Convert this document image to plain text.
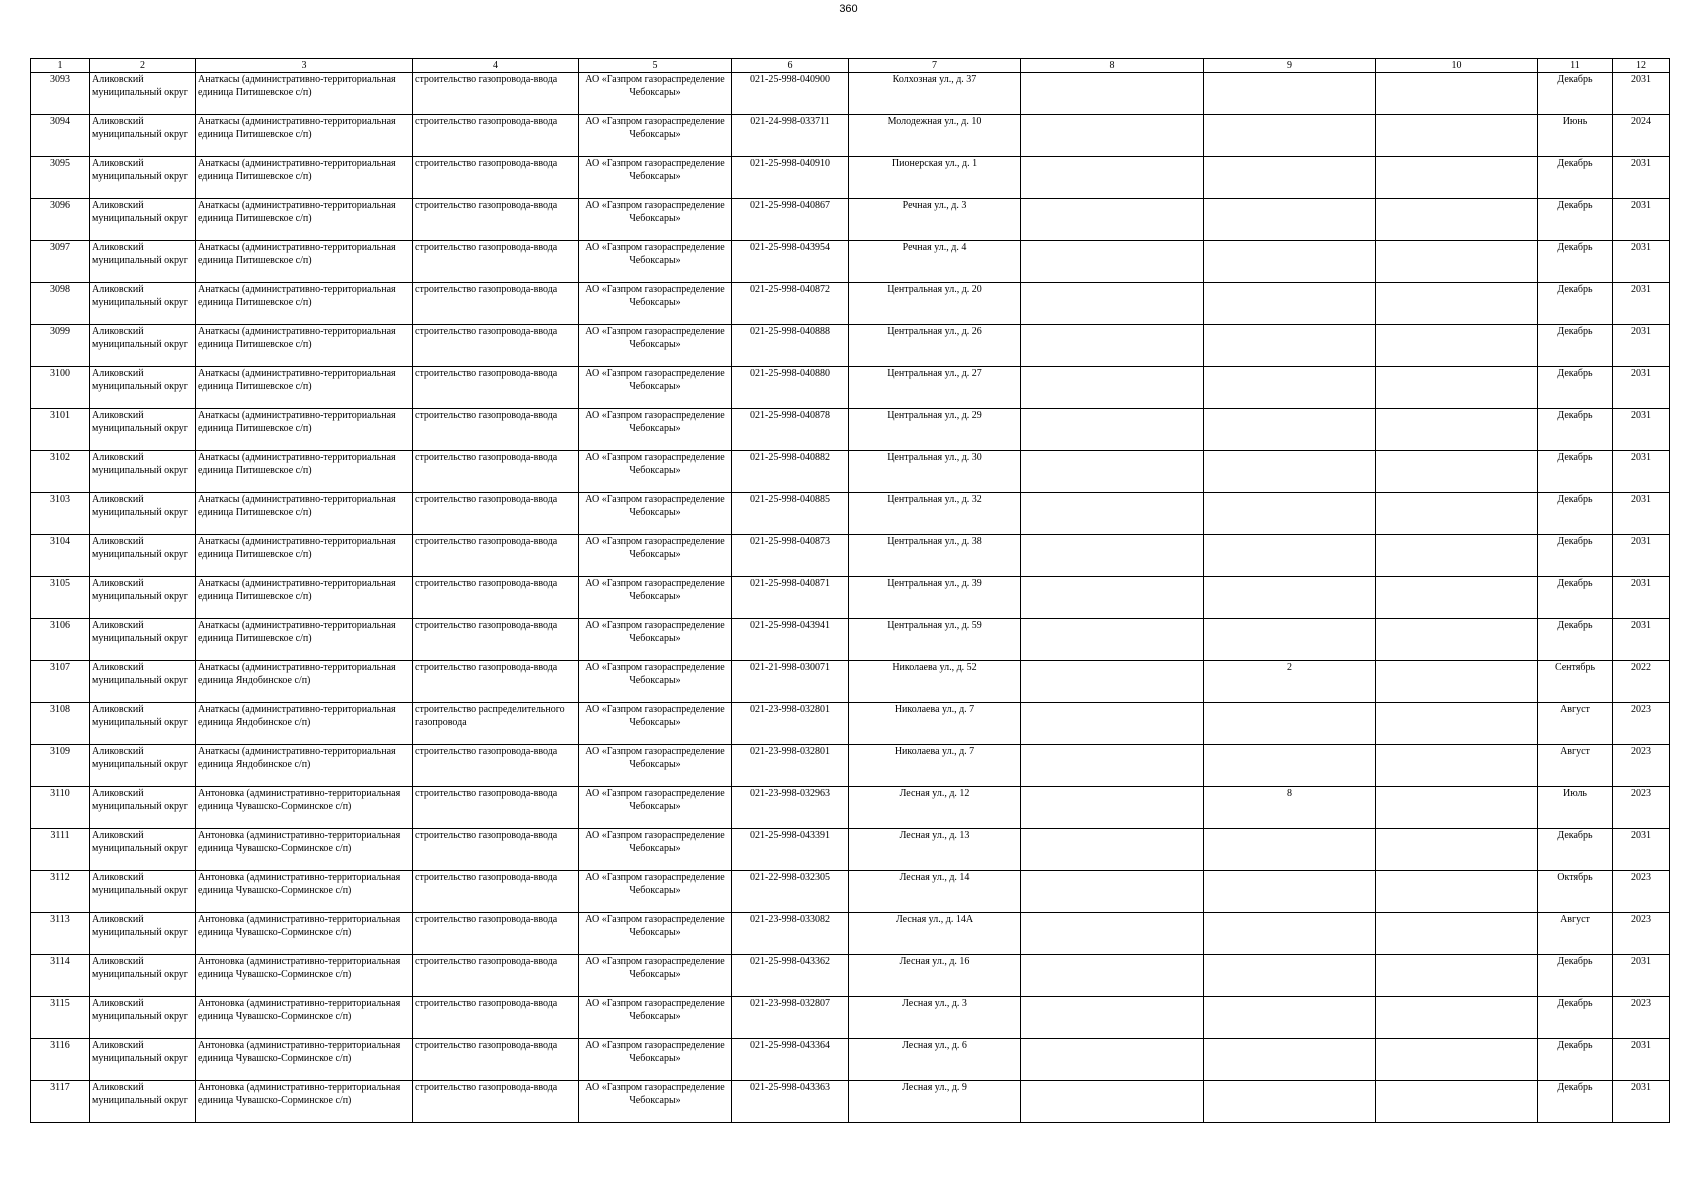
360
1	2	3	4	5	6	7	8	9	10	11	12

3093	Аликовский муниципальный округ	Анаткасы (административно-территориальная единица Питишевское с/п)	строительство газопровода-ввода	АО «Газпром газораспределение Чебоксары»	021-25-998-040900	Колхозная ул., д. 37				Декабрь	2031

3094	Аликовский муниципальный округ	Анаткасы (административно-территориальная единица Питишевское с/п)	строительство газопровода-ввода	АО «Газпром газораспределение Чебоксары»	021-24-998-033711	Молодежная ул., д. 10				Июнь	2024

3095	Аликовский муниципальный округ	Анаткасы (административно-территориальная единица Питишевское с/п)	строительство газопровода-ввода	АО «Газпром газораспределение Чебоксары»	021-25-998-040910	Пионерская ул., д. 1				Декабрь	2031

3096	Аликовский муниципальный округ	Анаткасы (административно-территориальная единица Питишевское с/п)	строительство газопровода-ввода	АО «Газпром газораспределение Чебоксары»	021-25-998-040867	Речная ул., д. 3				Декабрь	2031

3097	Аликовский муниципальный округ	Анаткасы (административно-территориальная единица Питишевское с/п)	строительство газопровода-ввода	АО «Газпром газораспределение Чебоксары»	021-25-998-043954	Речная ул., д. 4				Декабрь	2031

3098	Аликовский муниципальный округ	Анаткасы (административно-территориальная единица Питишевское с/п)	строительство газопровода-ввода	АО «Газпром газораспределение Чебоксары»	021-25-998-040872	Центральная ул., д. 20				Декабрь	2031

3099	Аликовский муниципальный округ	Анаткасы (административно-территориальная единица Питишевское с/п)	строительство газопровода-ввода	АО «Газпром газораспределение Чебоксары»	021-25-998-040888	Центральная ул., д. 26				Декабрь	2031

3100	Аликовский муниципальный округ	Анаткасы (административно-территориальная единица Питишевское с/п)	строительство газопровода-ввода	АО «Газпром газораспределение Чебоксары»	021-25-998-040880	Центральная ул., д. 27				Декабрь	2031

3101	Аликовский муниципальный округ	Анаткасы (административно-территориальная единица Питишевское с/п)	строительство газопровода-ввода	АО «Газпром газораспределение Чебоксары»	021-25-998-040878	Центральная ул., д. 29				Декабрь	2031

3102	Аликовский муниципальный округ	Анаткасы (административно-территориальная единица Питишевское с/п)	строительство газопровода-ввода	АО «Газпром газораспределение Чебоксары»	021-25-998-040882	Центральная ул., д. 30				Декабрь	2031

3103	Аликовский муниципальный округ	Анаткасы (административно-территориальная единица Питишевское с/п)	строительство газопровода-ввода	АО «Газпром газораспределение Чебоксары»	021-25-998-040885	Центральная ул., д. 32				Декабрь	2031

3104	Аликовский муниципальный округ	Анаткасы (административно-территориальная единица Питишевское с/п)	строительство газопровода-ввода	АО «Газпром газораспределение Чебоксары»	021-25-998-040873	Центральная ул., д. 38				Декабрь	2031

3105	Аликовский муниципальный округ	Анаткасы (административно-территориальная единица Питишевское с/п)	строительство газопровода-ввода	АО «Газпром газораспределение Чебоксары»	021-25-998-040871	Центральная ул., д. 39				Декабрь	2031

3106	Аликовский муниципальный округ	Анаткасы (административно-территориальная единица Питишевское с/п)	строительство газопровода-ввода	АО «Газпром газораспределение Чебоксары»	021-25-998-043941	Центральная ул., д. 59				Декабрь	2031

3107	Аликовский муниципальный округ	Анаткасы (административно-территориальная единица Яндобинское с/п)	строительство газопровода-ввода	АО «Газпром газораспределение Чебоксары»	021-21-998-030071	Николаева ул., д. 52		2		Сентябрь	2022

3108	Аликовский муниципальный округ	Анаткасы (административно-территориальная единица Яндобинское с/п)	строительство распределительного газопровода	АО «Газпром газораспределение Чебоксары»	021-23-998-032801	Николаева ул., д. 7				Август	2023

3109	Аликовский муниципальный округ	Анаткасы (административно-территориальная единица Яндобинское с/п)	строительство газопровода-ввода	АО «Газпром газораспределение Чебоксары»	021-23-998-032801	Николаева ул., д. 7				Август	2023

3110	Аликовский муниципальный округ	Антоновка (административно-территориальная единица Чувашско-Сорминское с/п)	строительство газопровода-ввода	АО «Газпром газораспределение Чебоксары»	021-23-998-032963	Лесная ул., д. 12		8		Июль	2023

3111	Аликовский муниципальный округ	Антоновка (административно-территориальная единица Чувашско-Сорминское с/п)	строительство газопровода-ввода	АО «Газпром газораспределение Чебоксары»	021-25-998-043391	Лесная ул., д. 13				Декабрь	2031

3112	Аликовский муниципальный округ	Антоновка (административно-территориальная единица Чувашско-Сорминское с/п)	строительство газопровода-ввода	АО «Газпром газораспределение Чебоксары»	021-22-998-032305	Лесная ул., д. 14				Октябрь	2023

3113	Аликовский муниципальный округ	Антоновка (административно-территориальная единица Чувашско-Сорминское с/п)	строительство газопровода-ввода	АО «Газпром газораспределение Чебоксары»	021-23-998-033082	Лесная ул., д. 14А				Август	2023

3114	Аликовский муниципальный округ	Антоновка (административно-территориальная единица Чувашско-Сорминское с/п)	строительство газопровода-ввода	АО «Газпром газораспределение Чебоксары»	021-25-998-043362	Лесная ул., д. 16				Декабрь	2031

3115	Аликовский муниципальный округ	Антоновка (административно-территориальная единица Чувашско-Сорминское с/п)	строительство газопровода-ввода	АО «Газпром газораспределение Чебоксары»	021-23-998-032807	Лесная ул., д. 3				Декабрь	2023

3116	Аликовский муниципальный округ	Антоновка (административно-территориальная единица Чувашско-Сорминское с/п)	строительство газопровода-ввода	АО «Газпром газораспределение Чебоксары»	021-25-998-043364	Лесная ул., д. 6				Декабрь	2031

3117	Аликовский муниципальный округ	Антоновка (административно-территориальная единица Чувашско-Сорминское с/п)	строительство газопровода-ввода	АО «Газпром газораспределение Чебоксары»	021-25-998-043363	Лесная ул., д. 9				Декабрь	2031
